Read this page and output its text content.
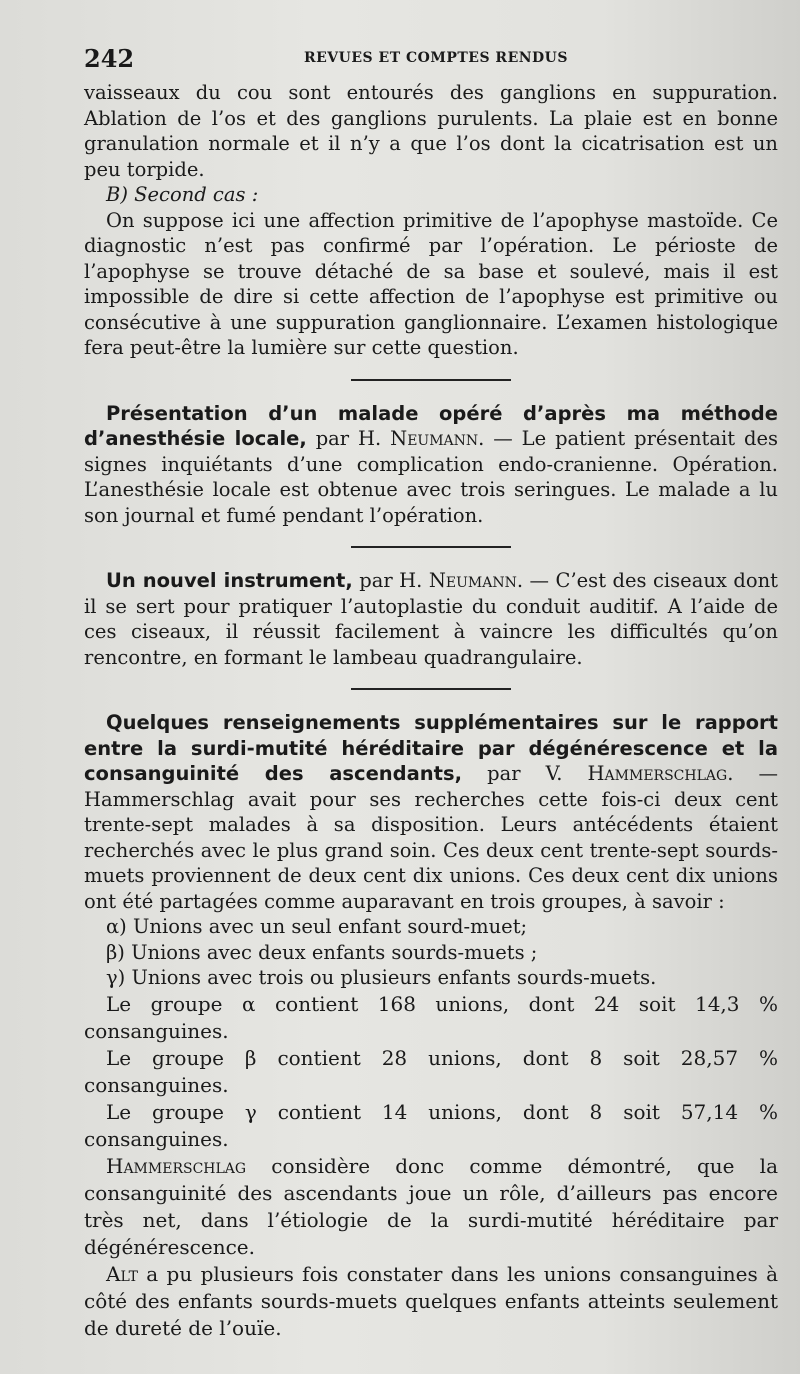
242	REVUES ET COMPTES RENDUS

vaisseaux du cou sont entourés des ganglions en suppuration. Ablation de l’os et des ganglions purulents. La plaie est en bonne granulation normale et il n’y a que l’os dont la cicatrisation est un peu torpide.

B) Second cas :

On suppose ici une affection primitive de l’apophyse mastoïde. Ce diagnostic n’est pas confirmé par l’opération. Le périoste de l’apophyse se trouve détaché de sa base et soulevé, mais il est impossible de dire si cette affection de l’apophyse est primitive ou consécutive à une suppuration ganglionnaire. L’examen histologique fera peut-être la lumière sur cette question.

Présentation d’un malade opéré d’après ma méthode d’anesthésie locale, par H. Neumann. — Le patient présentait des signes inquiétants d’une complication endo-cranienne. Opération. L’anesthésie locale est obtenue avec trois seringues. Le malade a lu son journal et fumé pendant l’opération.

Un nouvel instrument, par H. Neumann. — C’est des ciseaux dont il se sert pour pratiquer l’autoplastie du conduit auditif. A l’aide de ces ciseaux, il réussit facilement à vaincre les difficultés qu’on rencontre, en formant le lambeau quadrangulaire.

Quelques renseignements supplémentaires sur le rapport entre la surdi-mutité héréditaire par dégénérescence et la consanguinité des ascendants, par V. Hammerschlag. — Hammerschlag avait pour ses recherches cette fois-ci deux cent trente-sept malades à sa disposition. Leurs antécédents étaient recherchés avec le plus grand soin. Ces deux cent trente-sept sourds-muets proviennent de deux cent dix unions. Ces deux cent dix unions ont été partagées comme auparavant en trois groupes, à savoir :

α) Unions avec un seul enfant sourd-muet;

β) Unions avec deux enfants sourds-muets ;

γ) Unions avec trois ou plusieurs enfants sourds-muets.

Le groupe α contient 168 unions, dont 24 soit 14,3 % consanguines.

Le groupe β contient 28 unions, dont 8 soit 28,57 % consanguines.

Le groupe γ contient 14 unions, dont 8 soit 57,14 % consanguines.

Hammerschlag considère donc comme démontré, que la consanguinité des ascendants joue un rôle, d’ailleurs pas encore très net, dans l’étiologie de la surdi-mutité héréditaire par dégénérescence.

Alt a pu plusieurs fois constater dans les unions consanguines à côté des enfants sourds-muets quelques enfants atteints seulement de dureté de l’ouïe.
